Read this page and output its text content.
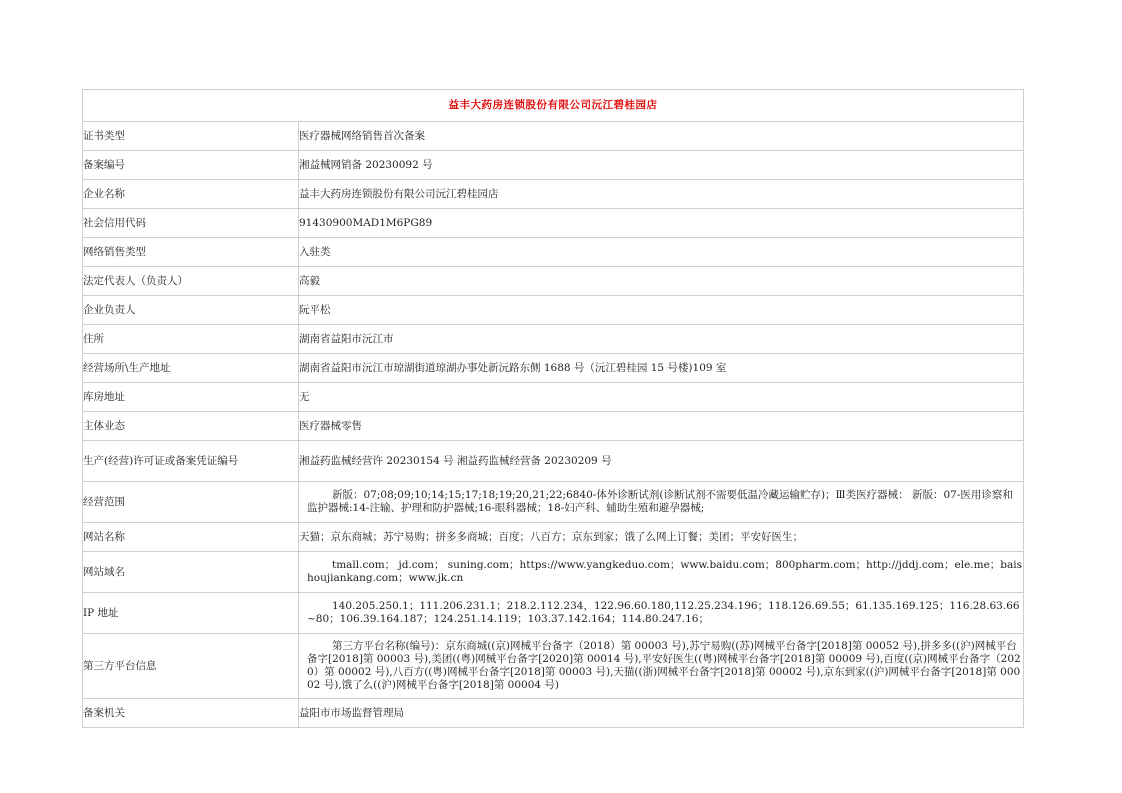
益丰大药房连锁股份有限公司沅江碧桂园店	
证书类型	医疗器械网络销售首次备案
备案编号	湘益械网销备 20230092 号
企业名称	益丰大药房连锁股份有限公司沅江碧桂园店
社会信用代码	91430900MAD1M6PG89
网络销售类型	入驻类
法定代表人（负责人）	高毅
企业负责人	阮平松
住所	湖南省益阳市沅江市
经营场所\生产地址	湖南省益阳市沅江市琼湖街道琼湖办事处新沅路东侧 1688 号（沅江碧桂园 15 号楼)109 室
库房地址	无
主体业态	医疗器械零售
生产(经营)许可证或备案凭证编号	湘益药监械经营许 20230154 号 湘益药监械经营备 20230209 号
经营范围	新版：07;08;09;10;14;15;17;18;19;20,21;22;6840-体外诊断试剂(诊断试剂不需要低温冷藏运输贮存)；Ⅲ类医疗器械： 新版：07-医用诊察和监护器械:14-注输、护理和防护器械;16-眼科器械；18-妇产科、辅助生殖和避孕器械;
网站名称	天猫；京东商城；苏宁易购；拼多多商城；百度；八百方；京东到家；饿了么网上订餐；美团；平安好医生；
网站域名	tmall.com； jd.com； suning.com；https://www.yangkeduo.com；www.baidu.com；800pharm.com；http://jddj.com；ele.me；baishoujiankang.com；www.jk.cn
IP 地址	140.205.250.1；111.206.231.1；218.2.112.234，122.96.60.180,112.25.234.196；118.126.69.55；61.135.169.125；116.28.63.66~80；106.39.164.187；124.251.14.119；103.37.142.164；114.80.247.16；
第三方平台信息	第三方平台名称(编号)：京东商城((京)网械平台备字（2018）第 00003 号),苏宁易购((苏)网械平台备字[2018]第 00052 号),拼多多((沪)网械平台备字[2018]第 00003 号),美团((粤)网械平台备字[2020]第 00014 号),平安好医生((粤)网械平台备字[2018]第 00009 号),百度((京)网械平台备字（2020）第 00002 号),八百方((粤)网械平台备字[2018]第 00003 号),天猫((浙)网械平台备字[2018]第 00002 号),京东到家((沪)网械平台备字[2018]第 00002 号),饿了么((沪)网械平台备字[2018]第 00004 号)
备案机关	益阳市市场监督管理局
